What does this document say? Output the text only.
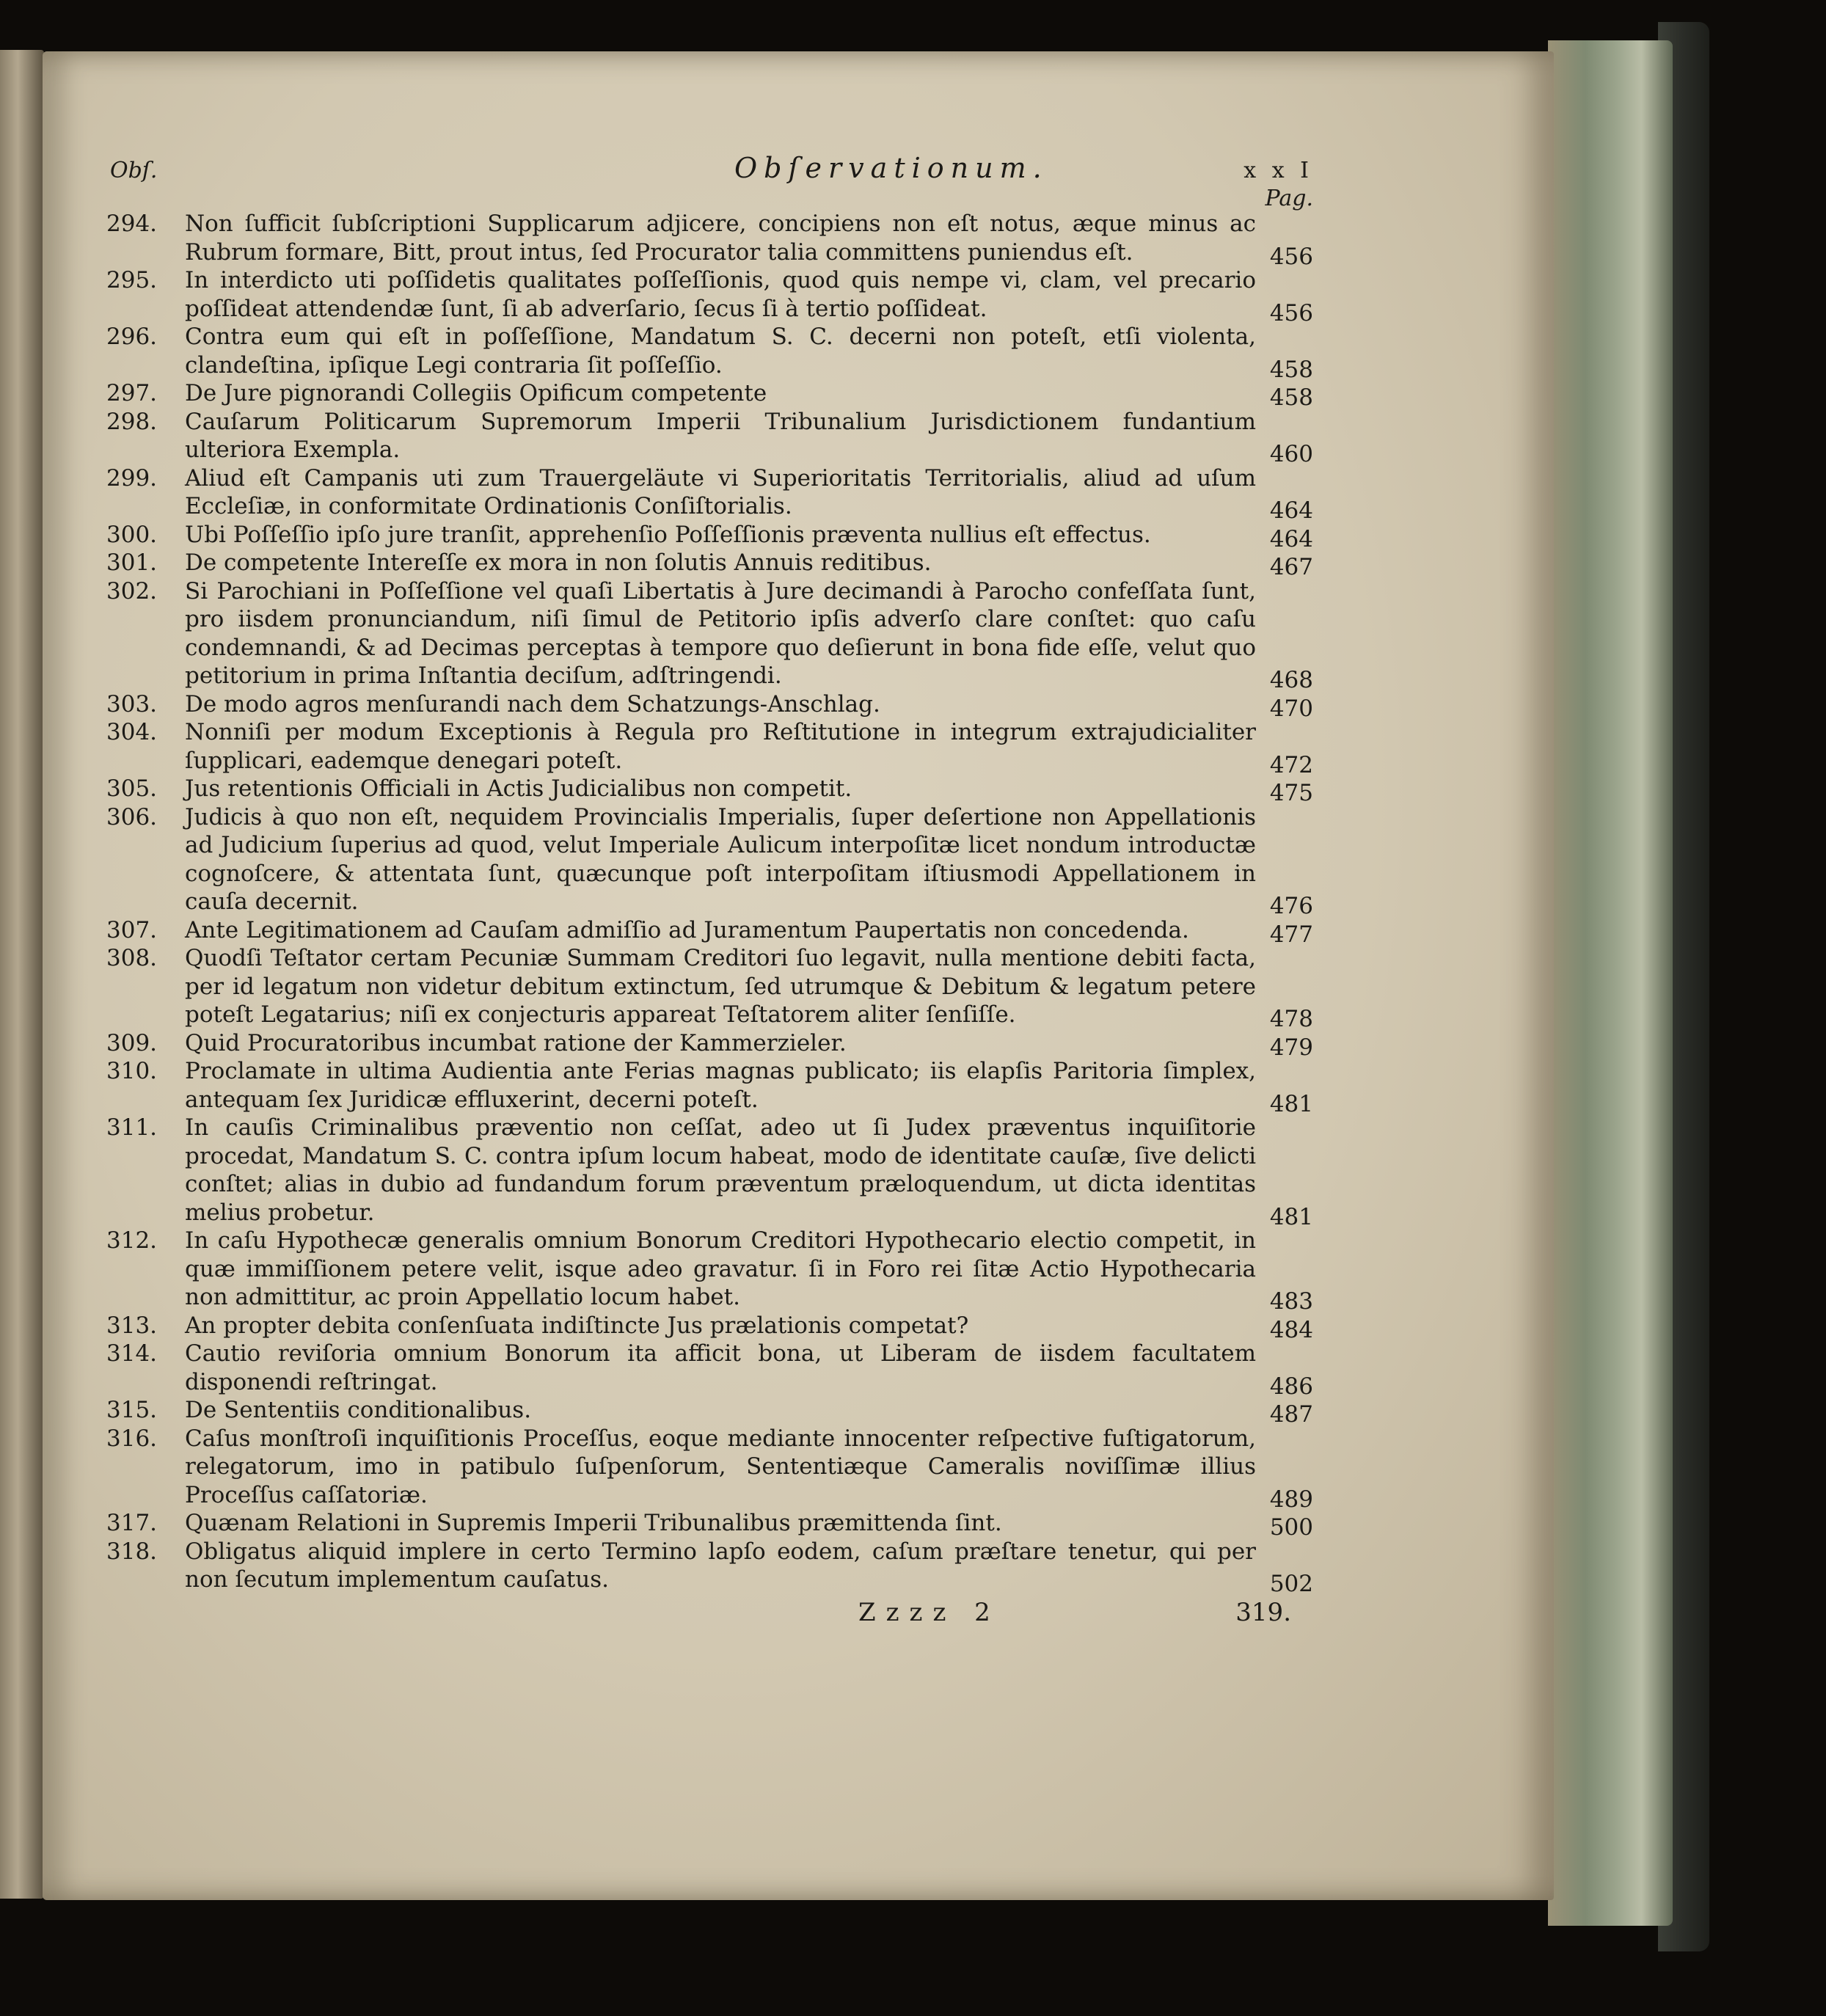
Obſ.	Obſervationum.	x x I
Pag.
294.	Non ſufficit ſubſcriptioni Supplicarum adjicere, concipiens non eſt notus, æque minus ac Rubrum formare, Bitt, prout intus, ſed Procurator talia committens puniendus eſt.	456
295.	In interdicto uti poſſidetis qualitates poſſeſſionis, quod quis nempe vi, clam, vel precario poſſideat attendendæ ſunt, ſi ab adverſario, ſecus ſi à tertio poſſideat.	456
296.	Contra eum qui eſt in poſſeſſione, Mandatum S. C. decerni non poteſt, etſi violenta, clandeſtina, ipſique Legi contraria ſit poſſeſſio.	458
297.	De Jure pignorandi Collegiis Opificum competente	458
298.	Cauſarum Politicarum Supremorum Imperii Tribunalium Jurisdictionem fundantium ulteriora Exempla.	460
299.	Aliud eſt Campanis uti zum Trauergeläute vi Superioritatis Territorialis, aliud ad uſum Eccleſiæ, in conformitate Ordinationis Conſiſtorialis.	464
300.	Ubi Poſſeſſio ipſo jure tranſit, apprehenſio Poſſeſſionis præventa nullius eſt effectus.	464
301.	De competente Intereſſe ex mora in non ſolutis Annuis reditibus.	467
302.	Si Parochiani in Poſſeſſione vel quaſi Libertatis à Jure decimandi à Parocho confeſſata ſunt, pro iisdem pronunciandum, niſi ſimul de Petitorio ipſis adverſo clare conſtet: quo caſu condemnandi, & ad Decimas perceptas à tempore quo deſierunt in bona fide eſſe, velut quo petitorium in prima Inſtantia deciſum, adſtringendi.	468
303.	De modo agros menſurandi nach dem Schatzungs-Anschlag.	470
304.	Nonniſi per modum Exceptionis à Regula pro Reſtitutione in integrum extrajudicialiter ſupplicari, eademque denegari poteſt.	472
305.	Jus retentionis Officiali in Actis Judicialibus non competit.	475
306.	Judicis à quo non eſt, nequidem Provincialis Imperialis, ſuper deſertione non Appellationis ad Judicium ſuperius ad quod, velut Imperiale Aulicum interpoſitæ licet nondum introductæ cognoſcere, & attentata ſunt, quæcunque poſt interpoſitam iſtiusmodi Appellationem in cauſa decernit.	476
307.	Ante Legitimationem ad Cauſam admiſſio ad Juramentum Paupertatis non concedenda.	477
308.	Quodſi Teſtator certam Pecuniæ Summam Creditori ſuo legavit, nulla mentione debiti facta, per id legatum non videtur debitum extinctum, ſed utrumque & Debitum & legatum petere poteſt Legatarius; niſi ex conjecturis appareat Teſtatorem aliter ſenſiſſe.	478
309.	Quid Procuratoribus incumbat ratione der Kammerzieler.	479
310.	Proclamate in ultima Audientia ante Ferias magnas publicato; iis elapſis Paritoria ſimplex, antequam ſex Juridicæ effluxerint, decerni poteſt.	481
311.	In cauſis Criminalibus præventio non ceſſat, adeo ut ſi Judex præventus inquiſitorie procedat, Mandatum S. C. contra ipſum locum habeat, modo de identitate cauſæ, ſive delicti conſtet; alias in dubio ad fundandum forum præventum præloquendum, ut dicta identitas melius probetur.	481
312.	In caſu Hypothecæ generalis omnium Bonorum Creditori Hypothecario electio competit, in quæ immiſſionem petere velit, isque adeo gravatur. ſi in Foro rei ſitæ Actio Hypothecaria non admittitur, ac proin Appellatio locum habet.	483
313.	An propter debita conſenſuata indiſtincte Jus prælationis competat?	484
314.	Cautio reviſoria omnium Bonorum ita afficit bona, ut Liberam de iisdem facultatem disponendi reſtringat.	486
315.	De Sententiis conditionalibus.	487
316.	Caſus monſtroſi inquiſitionis Proceſſus, eoque mediante innocenter reſpective fuſtigatorum, relegatorum, imo in patibulo ſuſpenſorum, Sententiæque Cameralis noviſſimæ illius Proceſſus caſſatoriæ.	489
317.	Quænam Relationi in Supremis Imperii Tribunalibus præmittenda ſint.	500
318.	Obligatus aliquid implere in certo Termino lapſo eodem, caſum præſtare tenetur, qui per non ſecutum implementum cauſatus.	502
Zzzz 2	319.
